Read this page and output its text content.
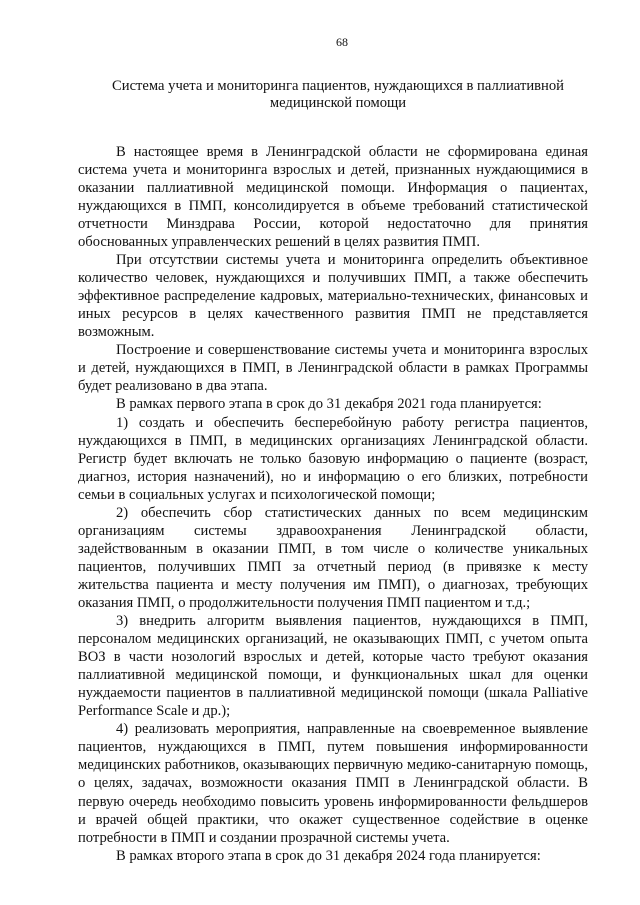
68
Система учета и мониторинга пациентов, нуждающихся в паллиативной медицинской помощи

В настоящее время в Ленинградской области не сформирована единая система учета и мониторинга взрослых и детей, признанных нуждающимися в оказании паллиативной медицинской помощи. Информация о пациентах, нуждающихся в ПМП, консолидируется в объеме требований статистической отчетности Минздрава России, которой недостаточно для принятия обоснованных управленческих решений в целях развития ПМП.

При отсутствии системы учета и мониторинга определить объективное количество человек, нуждающихся и получивших ПМП, а также обеспечить эффективное распределение кадровых, материально-технических, финансовых и иных ресурсов в целях качественного развития ПМП не представляется возможным.

Построение и совершенствование системы учета и мониторинга взрослых и детей, нуждающихся в ПМП, в Ленинградской области в рамках Программы будет реализовано в два этапа.

В рамках первого этапа в срок до 31 декабря 2021 года планируется:

1) создать и обеспечить бесперебойную работу регистра пациентов, нуждающихся в ПМП, в медицинских организациях Ленинградской области. Регистр будет включать не только базовую информацию о пациенте (возраст, диагноз, история назначений), но и информацию о его близких, потребности семьи в социальных услугах и психологической помощи;

2) обеспечить сбор статистических данных по всем медицинским организациям системы здравоохранения Ленинградской области, задействованным в оказании ПМП, в том числе о количестве уникальных пациентов, получивших ПМП за отчетный период (в привязке к месту жительства пациента и месту получения им ПМП), о диагнозах, требующих оказания ПМП, о продолжительности получения ПМП пациентом и т.д.;

3) внедрить алгоритм выявления пациентов, нуждающихся в ПМП, персоналом медицинских организаций, не оказывающих ПМП, с учетом опыта ВОЗ в части нозологий взрослых и детей, которые часто требуют оказания паллиативной медицинской помощи, и функциональных шкал для оценки нуждаемости пациентов в паллиативной медицинской помощи (шкала Palliative Performance Scale и др.);

4) реализовать мероприятия, направленные на своевременное выявление пациентов, нуждающихся в ПМП, путем повышения информированности медицинских работников, оказывающих первичную медико-санитарную помощь, о целях, задачах, возможности оказания ПМП в Ленинградской области. В первую очередь необходимо повысить уровень информированности фельдшеров и врачей общей практики, что окажет существенное содействие в оценке потребности в ПМП и создании прозрачной системы учета.

В рамках второго этапа в срок до 31 декабря 2024 года планируется:
